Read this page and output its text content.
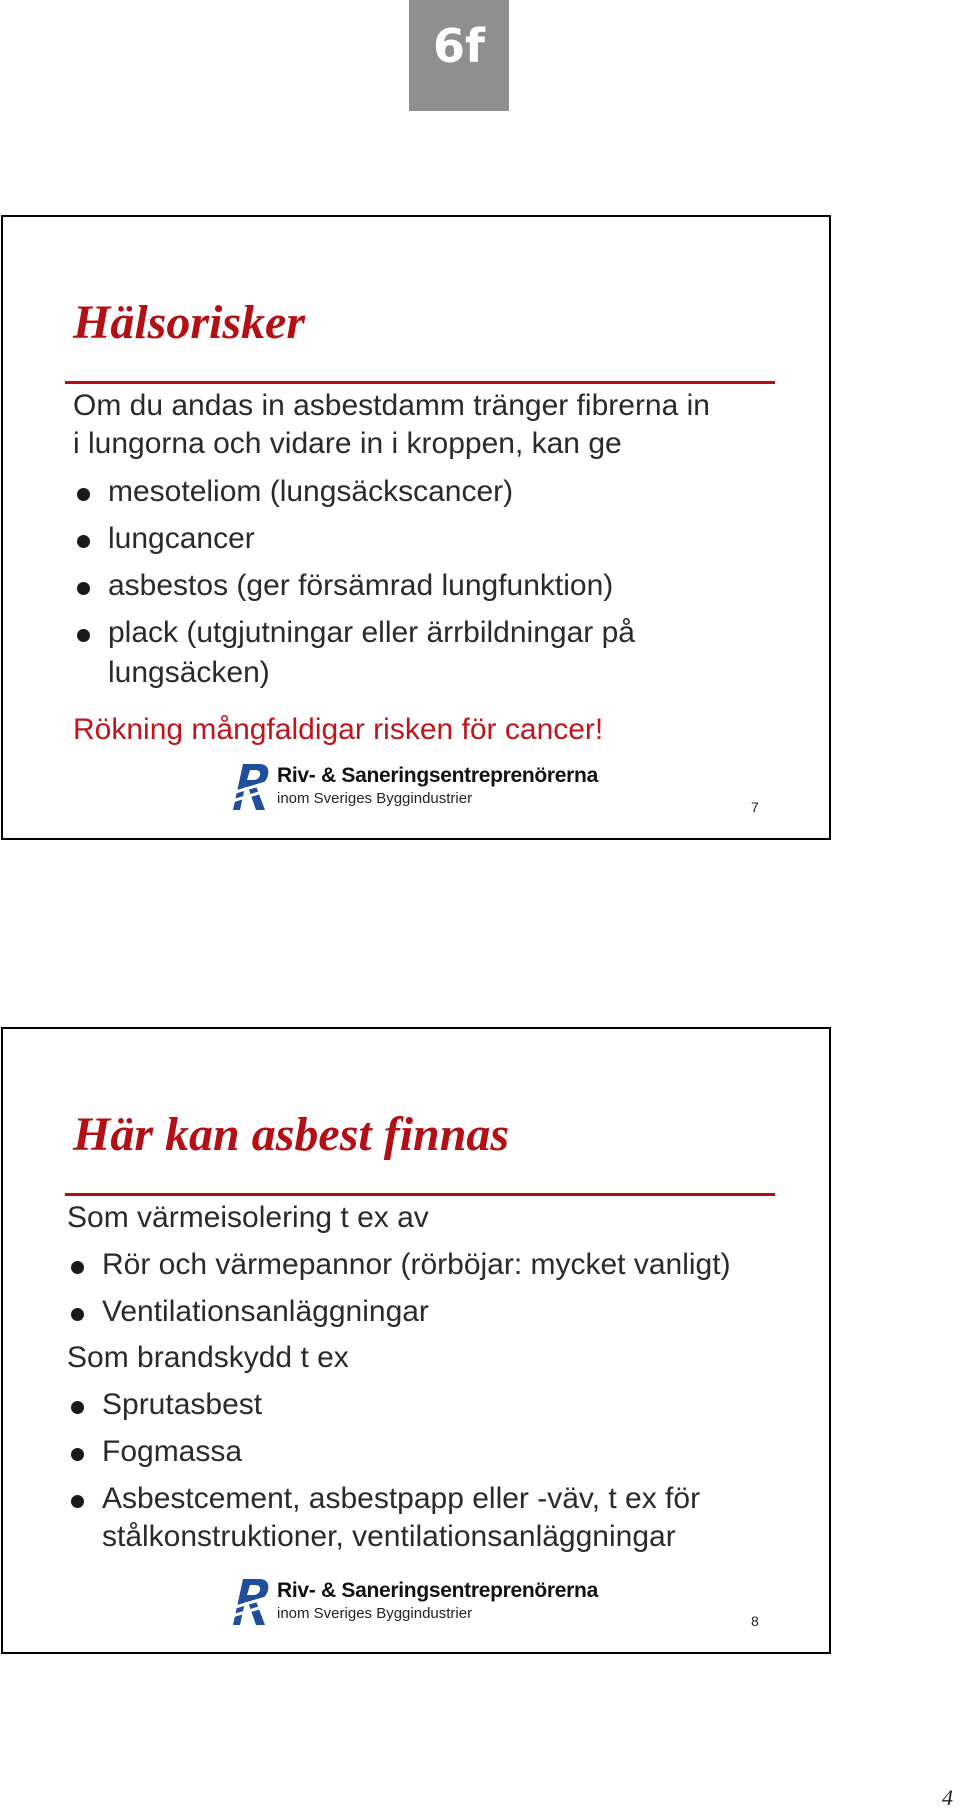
6f
Hälsorisker
Om du andas in asbestdamm tränger fibrerna in
i lungorna och vidare in i kroppen, kan ge
mesoteliom (lungsäckscancer)
lungcancer
asbestos (ger försämrad lungfunktion)
plack (utgjutningar eller ärrbildningar på
lungsäcken)
Rökning mångfaldigar risken för cancer!
Riv- & Saneringsentreprenörerna
inom Sveriges Byggindustrier	7
Här kan asbest finnas
Som värmeisolering t ex av
Rör och värmepannor (rörböjar: mycket vanligt)
Ventilationsanläggningar
Som brandskydd t ex
Sprutasbest
Fogmassa
Asbestcement, asbestpapp eller -väv, t ex för
stålkonstruktioner, ventilationsanläggningar
Riv- & Saneringsentreprenörerna
inom Sveriges Byggindustrier	8
4
